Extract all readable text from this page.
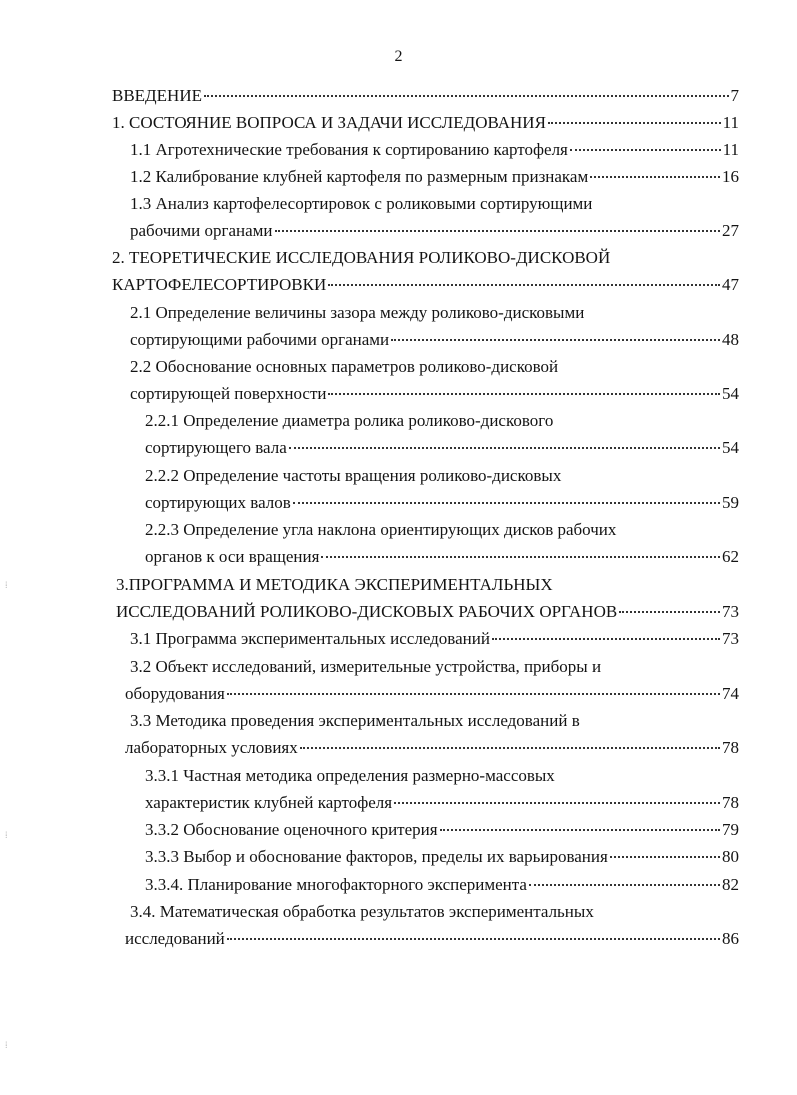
2
ВВЕДЕНИЕ	7
1. СОСТОЯНИЕ ВОПРОСА И ЗАДАЧИ ИССЛЕДОВАНИЯ	11
1.1 Агротехнические требования к сортированию картофеля	11
1.2 Калибрование клубней картофеля по размерным признакам	16
1.3 Анализ картофелесортировок с роликовыми сортирующими
рабочими органами	27
2. ТЕОРЕТИЧЕСКИЕ ИССЛЕДОВАНИЯ РОЛИКОВО-ДИСКОВОЙ
КАРТОФЕЛЕСОРТИРОВКИ	47
2.1 Определение величины зазора между роликово-дисковыми
сортирующими рабочими органами	48
2.2 Обоснование основных параметров роликово-дисковой
сортирующей поверхности	54
2.2.1 Определение диаметра ролика роликово-дискового
сортирующего вала	54
2.2.2 Определение частоты вращения роликово-дисковых
сортирующих валов	59
2.2.3 Определение угла наклона ориентирующих дисков рабочих
органов к оси вращения	62
3.ПРОГРАММА И МЕТОДИКА ЭКСПЕРИМЕНТАЛЬНЫХ
ИССЛЕДОВАНИЙ РОЛИКОВО-ДИСКОВЫХ РАБОЧИХ ОРГАНОВ	73
3.1 Программа экспериментальных исследований	73
3.2 Объект исследований, измерительные устройства, приборы и
оборудования	74
3.3 Методика проведения экспериментальных исследований в
лабораторных условиях	78
3.3.1 Частная методика определения размерно-массовых
характеристик клубней картофеля	78
3.3.2 Обоснование оценочного критерия	79
3.3.3 Выбор и обоснование факторов, пределы их варьирования	80
3.3.4. Планирование многофакторного эксперимента	82
3.4. Математическая обработка результатов экспериментальных
исследований	86
⁞
⁞
⁞
